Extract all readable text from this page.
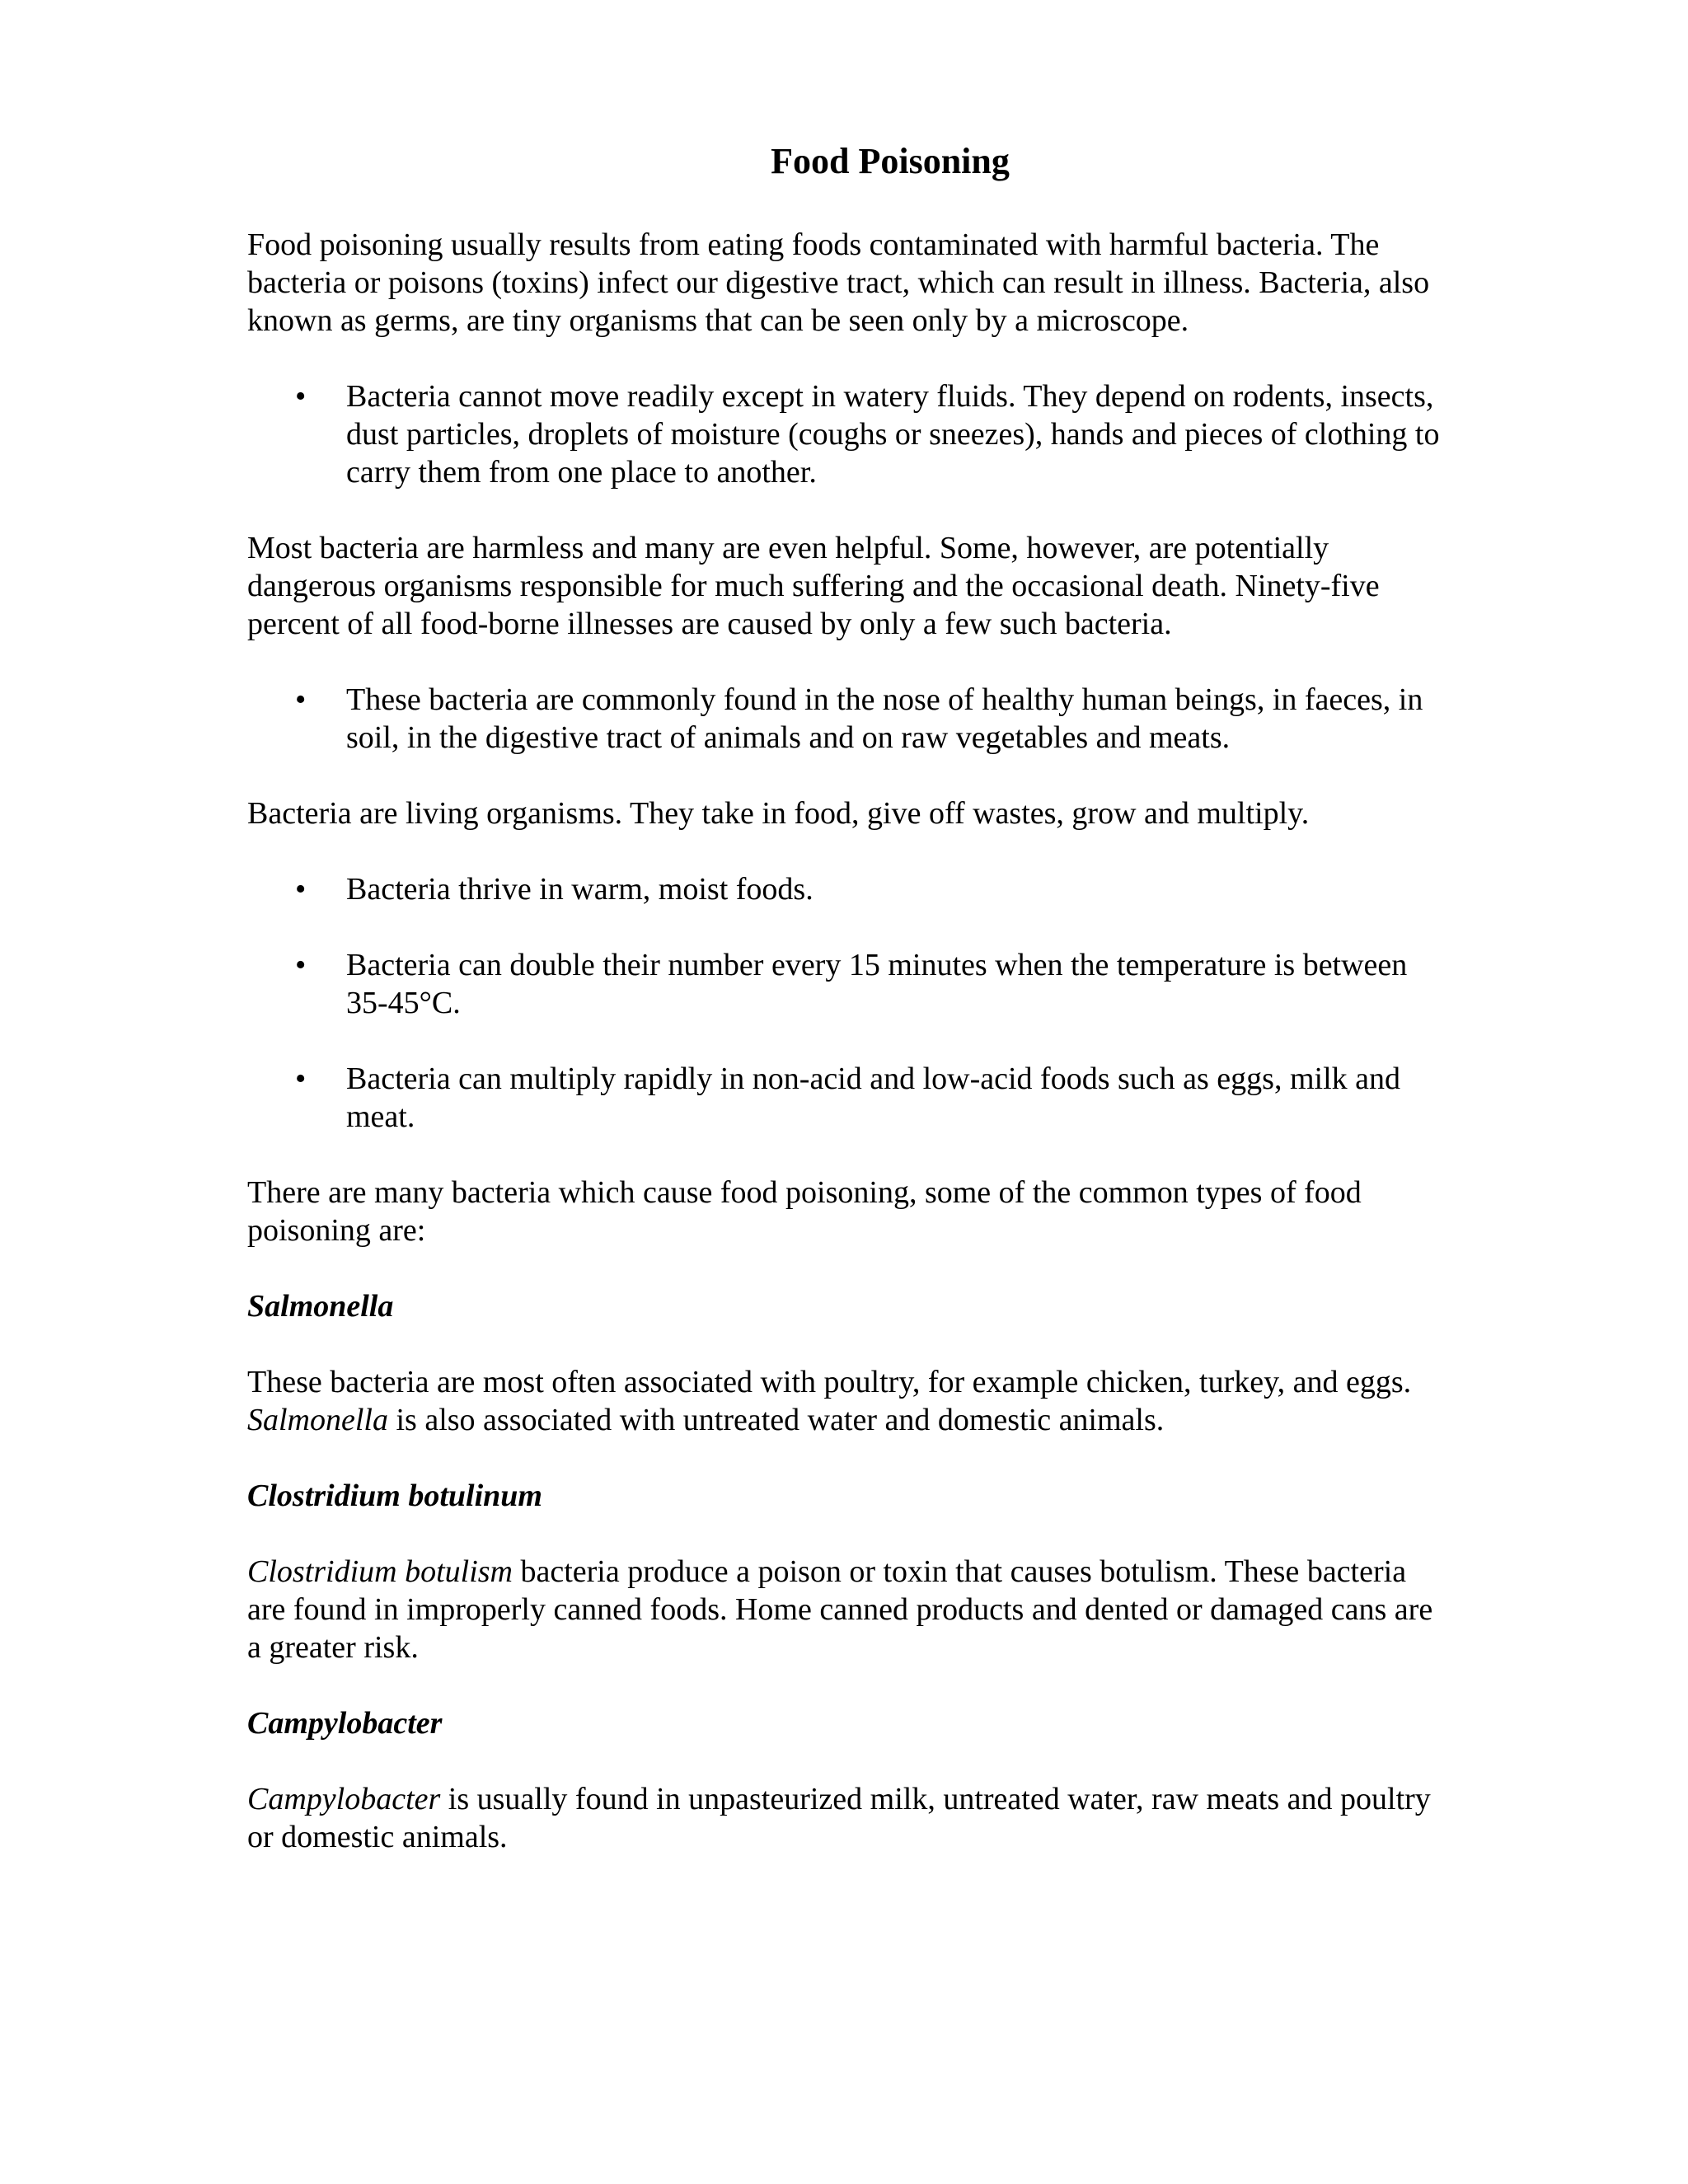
Food Poisoning

Food poisoning usually results from eating foods contaminated with harmful bacteria. The bacteria or poisons (toxins) infect our digestive tract, which can result in illness. Bacteria, also known as germs, are tiny organisms that can be seen only by a microscope.

• Bacteria cannot move readily except in watery fluids. They depend on rodents, insects, dust particles, droplets of moisture (coughs or sneezes), hands and pieces of clothing to carry them from one place to another.

Most bacteria are harmless and many are even helpful. Some, however, are potentially dangerous organisms responsible for much suffering and the occasional death. Ninety-five percent of all food-borne illnesses are caused by only a few such bacteria.

• These bacteria are commonly found in the nose of healthy human beings, in faeces, in soil, in the digestive tract of animals and on raw vegetables and meats.

Bacteria are living organisms. They take in food, give off wastes, grow and multiply.

• Bacteria thrive in warm, moist foods.
• Bacteria can double their number every 15 minutes when the temperature is between 35-45°C.
• Bacteria can multiply rapidly in non-acid and low-acid foods such as eggs, milk and meat.

There are many bacteria which cause food poisoning, some of the common types of food poisoning are:

Salmonella

These bacteria are most often associated with poultry, for example chicken, turkey, and eggs. Salmonella is also associated with untreated water and domestic animals.

Clostridium botulinum

Clostridium botulism bacteria produce a poison or toxin that causes botulism. These bacteria are found in improperly canned foods. Home canned products and dented or damaged cans are a greater risk.

Campylobacter

Campylobacter is usually found in unpasteurized milk, untreated water, raw meats and poultry or domestic animals.
